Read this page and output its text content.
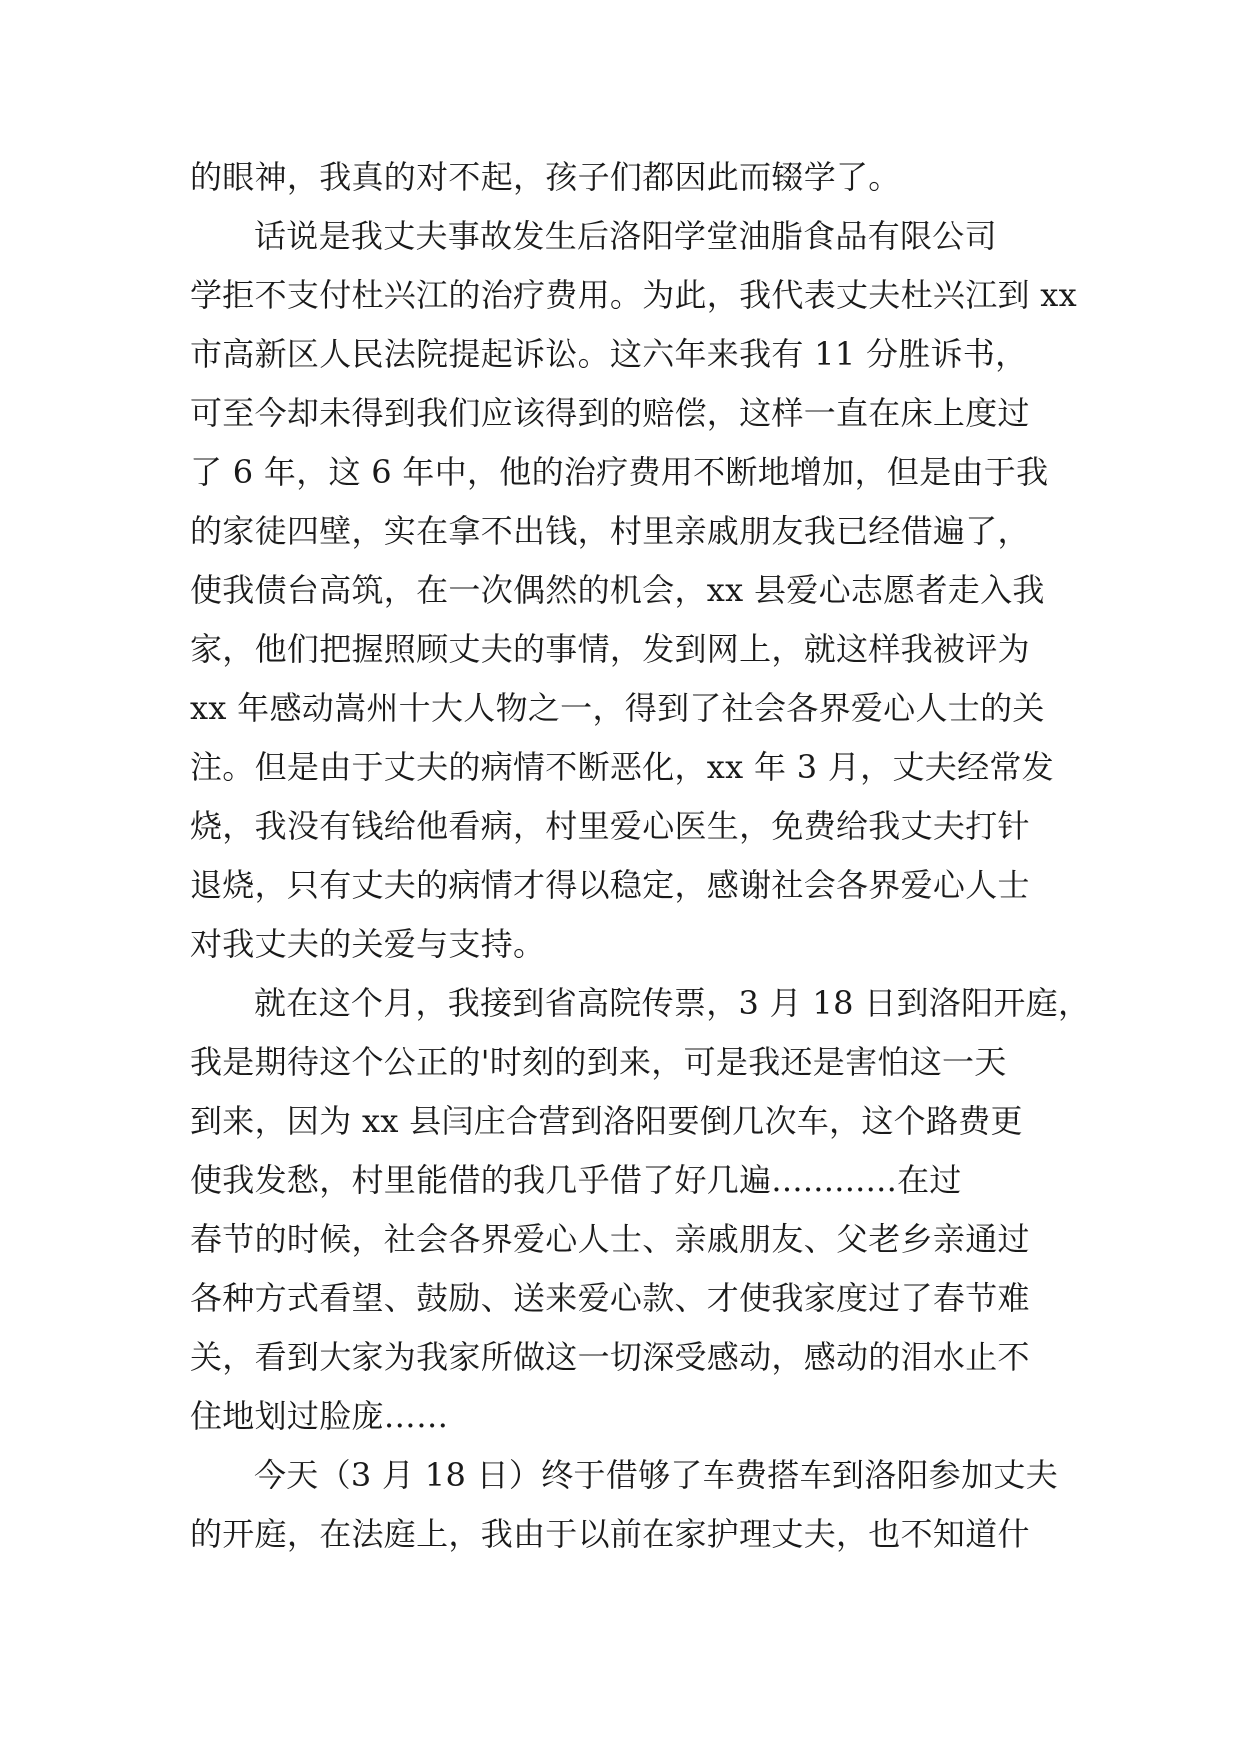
的眼神，我真的对不起，孩子们都因此而辍学了。
话说是我丈夫事故发生后洛阳学堂油脂食品有限公司
学拒不支付杜兴江的治疗费用。为此，我代表丈夫杜兴江到 xx
市高新区人民法院提起诉讼。这六年来我有 11 分胜诉书，
可至今却未得到我们应该得到的赔偿，这样一直在床上度过
了 6 年，这 6 年中，他的治疗费用不断地增加，但是由于我
的家徒四壁，实在拿不出钱，村里亲戚朋友我已经借遍了，
使我债台高筑，在一次偶然的机会，xx 县爱心志愿者走入我
家，他们把握照顾丈夫的事情，发到网上，就这样我被评为
xx 年感动嵩州十大人物之一，得到了社会各界爱心人士的关
注。但是由于丈夫的病情不断恶化，xx 年 3 月，丈夫经常发
烧，我没有钱给他看病，村里爱心医生，免费给我丈夫打针
退烧，只有丈夫的病情才得以稳定，感谢社会各界爱心人士
对我丈夫的关爱与支持。
就在这个月，我接到省高院传票，3 月 18 日到洛阳开庭，
我是期待这个公正的'时刻的到来，可是我还是害怕这一天
到来，因为 xx 县闫庄合营到洛阳要倒几次车，这个路费更
使我发愁，村里能借的我几乎借了好几遍............在过
春节的时候，社会各界爱心人士、亲戚朋友、父老乡亲通过
各种方式看望、鼓励、送来爱心款、才使我家度过了春节难
关，看到大家为我家所做这一切深受感动，感动的泪水止不
住地划过脸庞……
今天（3 月 18 日）终于借够了车费搭车到洛阳参加丈夫
的开庭，在法庭上，我由于以前在家护理丈夫，也不知道什
